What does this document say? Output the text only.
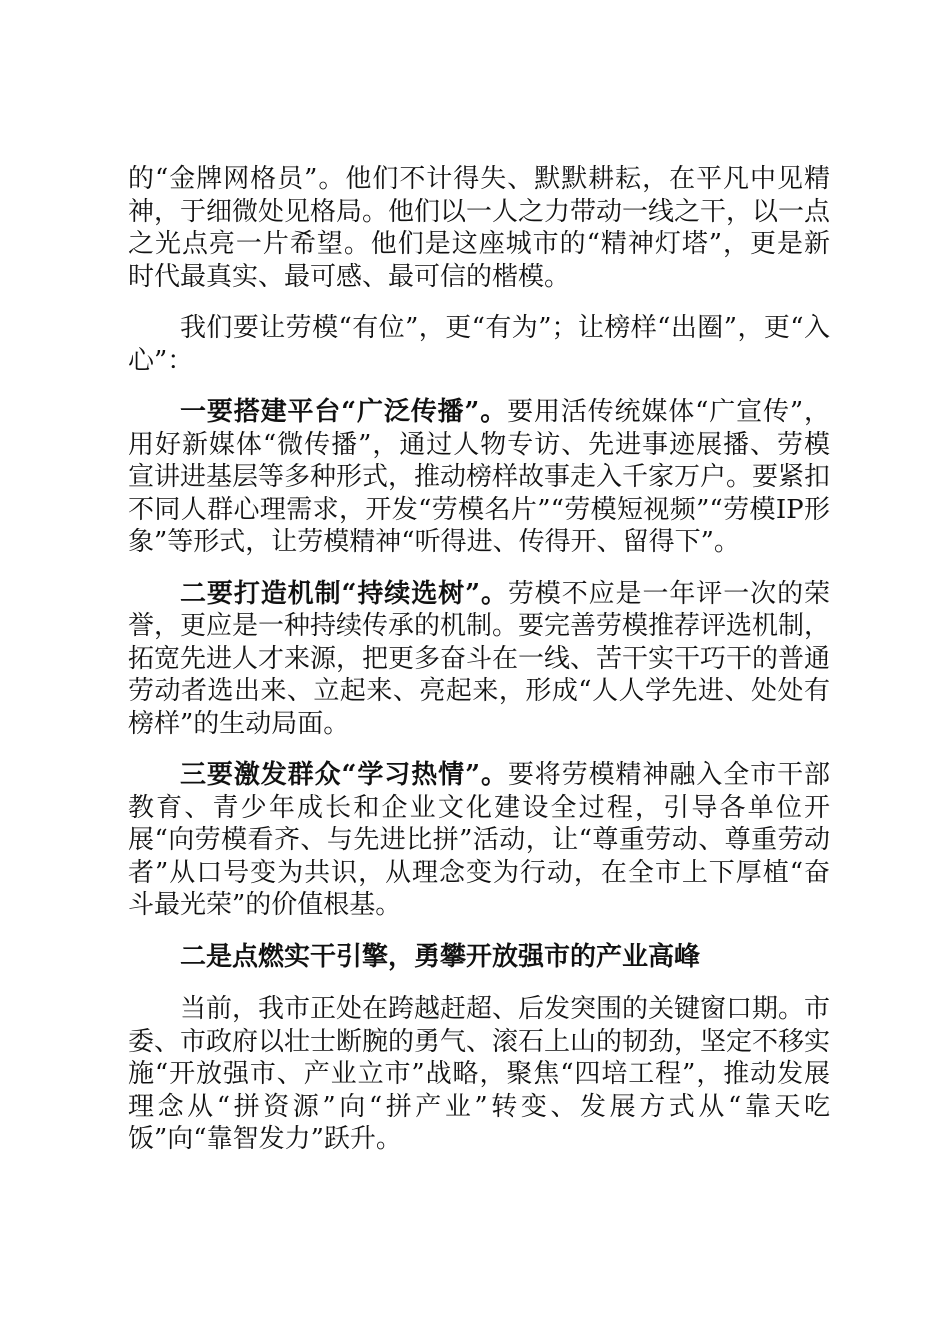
的“金牌网格员”。他们不计得失、默默耕耘，在平凡中见精神，于细微处见格局。他们以一人之力带动一线之干，以一点之光点亮一片希望。他们是这座城市的“精神灯塔”，更是新时代最真实、最可感、最可信的楷模。

我们要让劳模“有位”，更“有为”；让榜样“出圈”，更“入心”：

一要搭建平台“广泛传播”。要用活传统媒体“广宣传”，用好新媒体“微传播”，通过人物专访、先进事迹展播、劳模宣讲进基层等多种形式，推动榜样故事走入千家万户。要紧扣不同人群心理需求，开发“劳模名片”“劳模短视频”“劳模IP形象”等形式，让劳模精神“听得进、传得开、留得下”。

二要打造机制“持续选树”。劳模不应是一年评一次的荣誉，更应是一种持续传承的机制。要完善劳模推荐评选机制，拓宽先进人才来源，把更多奋斗在一线、苦干实干巧干的普通劳动者选出来、立起来、亮起来，形成“人人学先进、处处有榜样”的生动局面。

三要激发群众“学习热情”。要将劳模精神融入全市干部教育、青少年成长和企业文化建设全过程，引导各单位开展“向劳模看齐、与先进比拼”活动，让“尊重劳动、尊重劳动者”从口号变为共识，从理念变为行动，在全市上下厚植“奋斗最光荣”的价值根基。

二是点燃实干引擎，勇攀开放强市的产业高峰

当前，我市正处在跨越赶超、后发突围的关键窗口期。市委、市政府以壮士断腕的勇气、滚石上山的韧劲，坚定不移实施“开放强市、产业立市”战略，聚焦“四培工程”，推动发展理念从“拼资源”向“拼产业”转变、发展方式从“靠天吃饭”向“靠智发力”跃升。
